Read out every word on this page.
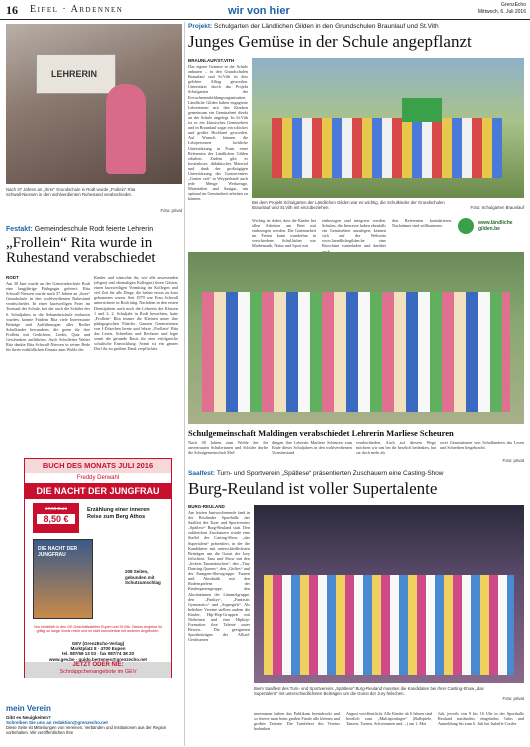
16 Eifel · Ardennen	wir von hier	GrenzEcho
Mittwoch, 6. Juli 2016
LEHRERIN

Nach 37 Jahren an „ihrer“ Grundschule in Rodt wurde „Frollein“ Rita Schwall-Niessen in den wohlverdienten Ruhestand verabschiedet.

Foto: privat
Festakt: Gemeindeschule Rodt feierte Lehrerin
„Frollein“ Rita wurde in Ruhestand verabschiedet
RODT

Am 30 Juni wurde an der Gemeindeschule Rodt eine langjährige Pädagogin gefeiert: Rita Schwall-Niessen wurde nach 37 Jahren an „ihrer“ Grundschule in den wohlverdienten Ruhestand verabschiedet. In einer kurzweiligen Feier im Turnsaal der Schule, bei der auch die Schüler des 6. Schuljahres in die Sekundarschule entlassen wurden, konnte Frädein Rita viele Interessante Beiträge und Aufführungen aller Rodter Schulkinder bewundern, die gerne für ihre Frollein mit Gedichten, Lieder, Quiz und Geschenken aufführten. Auch Schulleiter Walter Ritz dankte Rita Schwall-Niessen in seiner Rede für ihren vorbildlichen Einsatz zum Wohle der

Kinder und wünschte ihr, wie alle anwesenden (eligen) und ehemaligen Kollegen) ihren Gästen, einen kurzweiligen Vormittag im Kollegen und viel Zeit für alle Dinge, die bisher etwas zu kurz gekommen waren. Seit 1979 war Frau Schwall unterrichtete in Rodt tätig. Nachdem in den ersten Dienstjahren auch noch die Lehrerin der Klassen 1 und 2, 2. Schuljahr in Rodt besuchten, hatte „Frollein“ Rita immer die Kleinen unter ihre pädagogischen Fittiche. Ganzen Generationen von I-Dötzchen lernte und lehrte „Frollein“ Rita das Lesen, Schreiben und Rechnen und legte somit die gesunde Basis für eine erfolgreiche schulische Entwicklung. Somit ist ein ganzes Dorf ihr zu großem Dank verpflichtet.

BUCH DES MONATS JULI 2016
Freddy Derwahl
DIE NACHT DER JUNGFRAU
17,50 Euro
8,50 €
Erzählung einer inneren Reise zum Berg Athos
DIE NACHT DER JUNGFRAU
208 Seiten, gebunden mit Schutzumschlag
Nur erhältlich in den GE-Geschäftsstellen Eupen und St.Vith. Dieses Angebot ist gültig so lange Vorrat reicht und ist nicht kumulierbar mit anderen Angeboten.
GEV (GrenzEcho-Verlag)
Marktplatz 8 · 4700 Eupen
tel. 087/59 13 03 · fax 087/74 38 20
www.gev.be · guido.bertemes@grenzecho.net
JETZT ODER NIE:
Schnäppchenangebote im GEV
mein Verein
Gibt es Neuigkeiten?
Schreiben Sie uns an redaktion@grenzecho.net
Diese Seite ist Mitteilungen von Vereinen, Verbänden und Institutionen aus der Region vorbehalten. Wir veröffentlichen Ihre
Projekt: Schulgarten der Ländlichen Gilden in den Grundschulen Braunlauf und St.Vith
Junges Gemüse in der Schule angepflanzt
BRAUNLAUF/ST.VITH

Das eigene Gemüse in der Schule anbauen – in den Grundschulen Braunlauf und St.Vith ist dies gelebter Alltag geworden. Unterstützt durch das Projekt Schulgarten der Erwachsenenbildungsorganisation Ländliche Gilden haben engagierte Lehrerinnen mit den Kindern gemeinsam ein Gemüsebeet direkt an der Schule angelegt. In St.Vith ist es ein klassisches Gemüsebeet und in Braunlauf sogar ein schickes und großes Hochbeet geworden. Auf Wunsch können die Lehrpersonen fachliche Unterstützung in Form einer Referentin der Ländlichen Gilden erhalten. Zudem gibt es kostenloses, didaktisches Material und dank der großzügigen Unterstützung des Gartencenters „Garten vert“ in Weyperhardt auch jede Menge Werkzeuge, Materialien und Saatgut, um optimal im Gemüsebeet arbeiten zu können.

Bei dem Projekt Schulgarten der Ländlichen Gilden war es wichtig, die Schulkinder der Grundschulen Braunlauf und St.Vith mit einzubeziehen.	Foto: Schulgarten Braunlauf

Wichtig ist dabei, dass die Kinder bei allen Arbeiten am Beet mit einbezogen werden. Die Gartenarbeit im Freien kann wunderbar in verschiedene Schulfächer wie Mathematik, Natur und Sport mit

einbezogen und integriert werden. Schulen, die Interesse haben ebenfalls ein Gemüsebeet anzulegen, können sich auf der Webseite www.laendlichegilden.be eine Broschüre runterladen und darüber

den Referenten kontaktieren. Nachahmer sind willkommen.	www.ländliche gilden.be
Schulgemeinschaft Maldingen verabschiedet Lehrerin Marliese Scheuren

Nach 38 Jahren zum Wohle der ihr anvertrauten Schülerinnen und Schüler durfte die Schulgemeinschaft Mal-

dingen ihre Lehrerin Marliese Scheuren zum Ende dieses Schuljahres in den wohlverdienten Vorruhestand

verabschieden. Auch auf diesem Wege möchten wir uns bei ihr herzlich bedanken, hat sie doch mehr als

zwei Generationen von Schulkindern das Lesen und Schreiben beigebracht.

Foto: privat
Saalfest: Turn- und Sportverein „Spätlese“ präsentierten Zuschauern eine Casting-Show
Burg-Reuland ist voller Supertalente
BURG-REULAND

Am letzten Juniwochenende fand in der Reuländer Sporthalle das Saalfest des Turn- und Sportvereins „Spätlese“ Burg-Reuland statt. Den zahlreichen Zuschauern wurde eine Staffel der Casting-Show „das Supertalent“ präsentiert, in der die Kandidaten mit unterschiedlichsten Beiträgen um die Gunst der Jury feilschten. Tanz und Show mit den „leckets Tanzmäuschen“, den „Tiny Dancing Queens“, den „Girlies“ und der Eumgem-Showgruppe. Turnen und Akrobatik mit den Bodenspielern der Kindergartengruppe, den Akrobatinnen der Lämmelgruppe, den „Funkys“, „Fantastic Gymnastics“ und „Supergirls“. Als beliebter Vereine stellten zudem die Kinder, Hip-Hop-Gruppen mit Niebrinen und eine Hiphop-Formation ihre Talente unter Beweis. Die geeigneten Sportbeiträgen der Allrad-Gerätturnen

Beim Saalfest des Turn- und Sportvereins „Spätlese“ Burg-Reuland mussten die Kandidaten bei Ihrer Casting-Show „das Supertalent“ mit unterschiedlichsten Beiträgen um die Gunst der Jury feilschen.

Foto: privat

nnermanns haben das Publikum beeindruckt und so feierte man beim großen Finale alle kleinen und großen Talente. Die Turnlehrer des Vereins bedanken

August veröffentlicht. Alle Kinder ab 6 Jahren sind herzlich zum „Multisportlager“ (Ballspiele, Tanzen, Turnen, Schwimmen und ...) am 1. Mai

Juli, jeweils von 9 bis 16 Uhr in der Sporthalle Reuland stattfinden, eingeladen. Infos und Anmeldung bis zum 6. Juli bei Isabelle Cordes
